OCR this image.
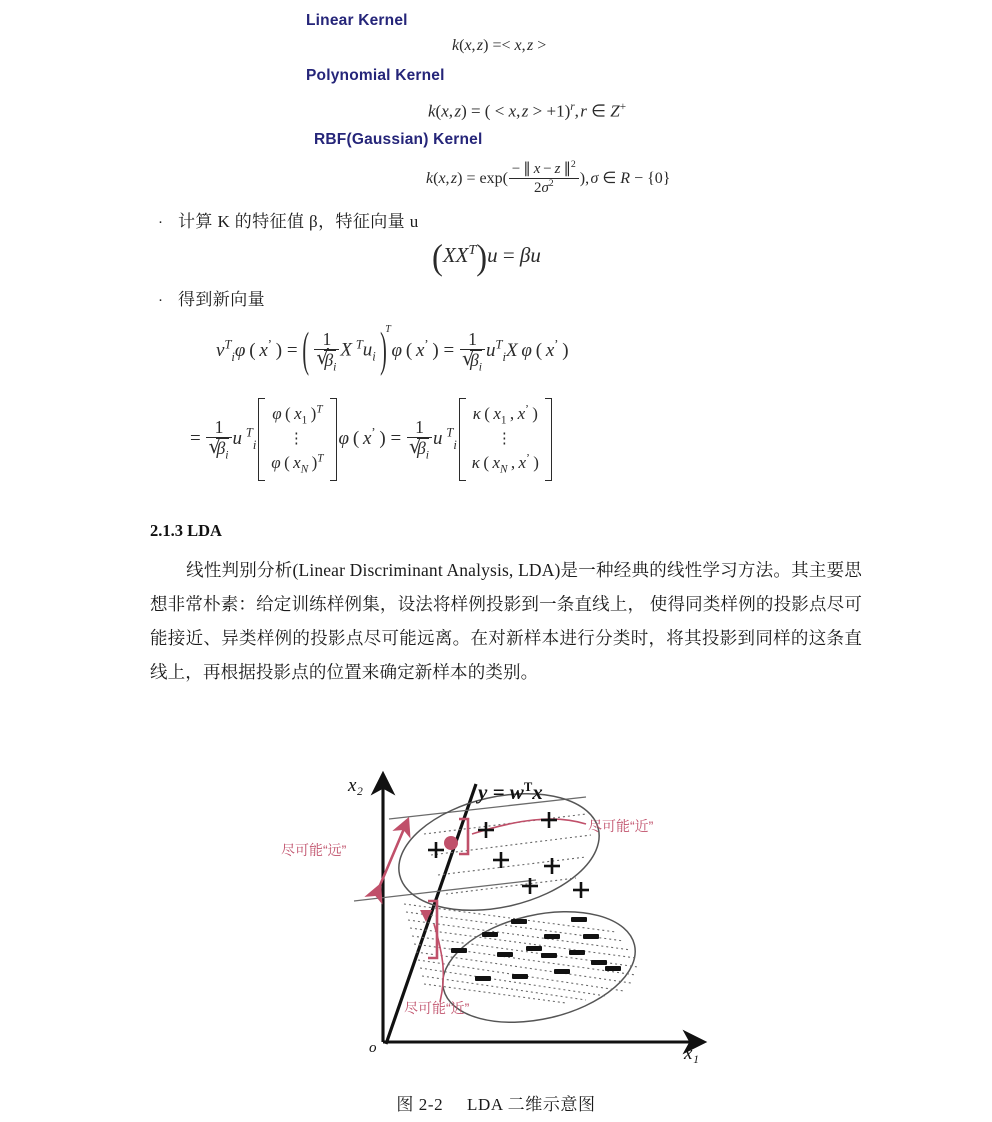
Linear Kernel
k(x, z) =< x, z >
Polynomial Kernel
k(x, z) = ( < x, z > +1)$^r$, r ∈ Z+
RBF(Gaussian) Kernel
k(x, $z) = \exp( \frac{- \parallel x - z \parallel^2}{2\sigma^2}$ ), σ ∈ R − {0}
· 计算 K 的特征值 β，特征向量 u
$(XX^T)u = \beta u$
· 得到新向量
$v^T_i\varphi$ ( x’ ) =
( T
1
√ $\beta_i$ X  $^Tu_i$ ) φ ( x’ ) = 1
√ $\beta_i$ $u^T_iX$  φ ( x’ )
= 1
√ $\beta_i$ u  $^T_i$
φ ( $x_1$ )$^T$
⋮
φ ( $x_N$ )$^T$
φ ( x’ ) = 1
√ $\beta_i$ u  $^T_i$
κ ( $x_1$ , x’ )
⋮
κ ( $x_N$ , x’ )
2.1.3 LDA
线性判别分析(Linear Discriminant Analysis, LDA)是一种经典的线性学习方法。其主要思想非常朴素：给定训练样例集，设法将样例投影到一条直线上， 使得同类样例的投影点尽可能接近、异类样例的投影点尽可能远离。在对新样本进行分类时，将其投影到同样的这条直线上，再根据投影点的位置来确定新样本的类别。
x₂
x₁
o
$y = w^Tx$
尽可能“远”
尽可能“近”
尽可能“近”
图 2-2 LDA 二维示意图
